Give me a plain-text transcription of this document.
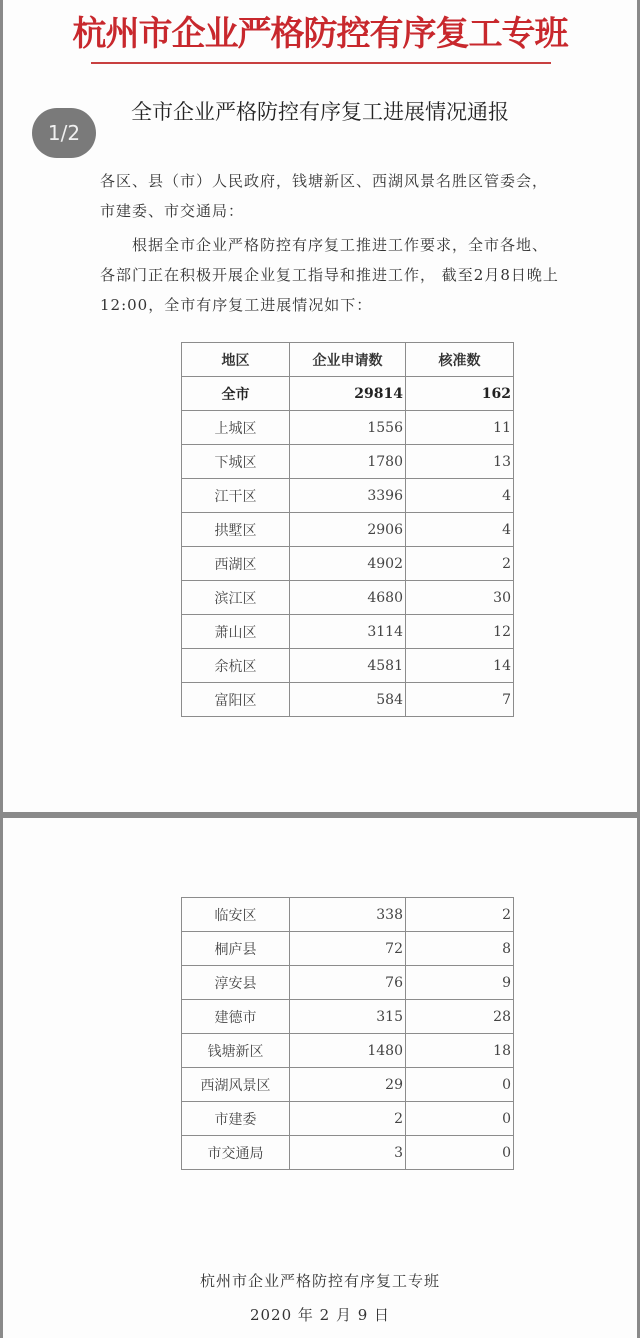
杭州市企业严格防控有序复工专班
全市企业严格防控有序复工进展情况通报
各区、县（市）人民政府，钱塘新区、西湖风景名胜区管委会，市建委、市交通局：
根据全市企业严格防控有序复工推进工作要求，全市各地、 各部门正在积极开展企业复工指导和推进工作， 截至2月8日晚上12:00，全市有序复工进展情况如下：
地区	企业申请数	核准数
全市	29814	162
上城区	1556	11
下城区	1780	13
江干区	3396	4
拱墅区	2906	4
西湖区	4902	2
滨江区	4680	30
萧山区	3114	12
余杭区	4581	14
富阳区	584	7
1/2
临安区	338	2
桐庐县	72	8
淳安县	76	9
建德市	315	28
钱塘新区	1480	18
西湖风景区	29	0
市建委	2	0
市交通局	3	0
杭州市企业严格防控有序复工专班
2020 年 2 月 9 日
